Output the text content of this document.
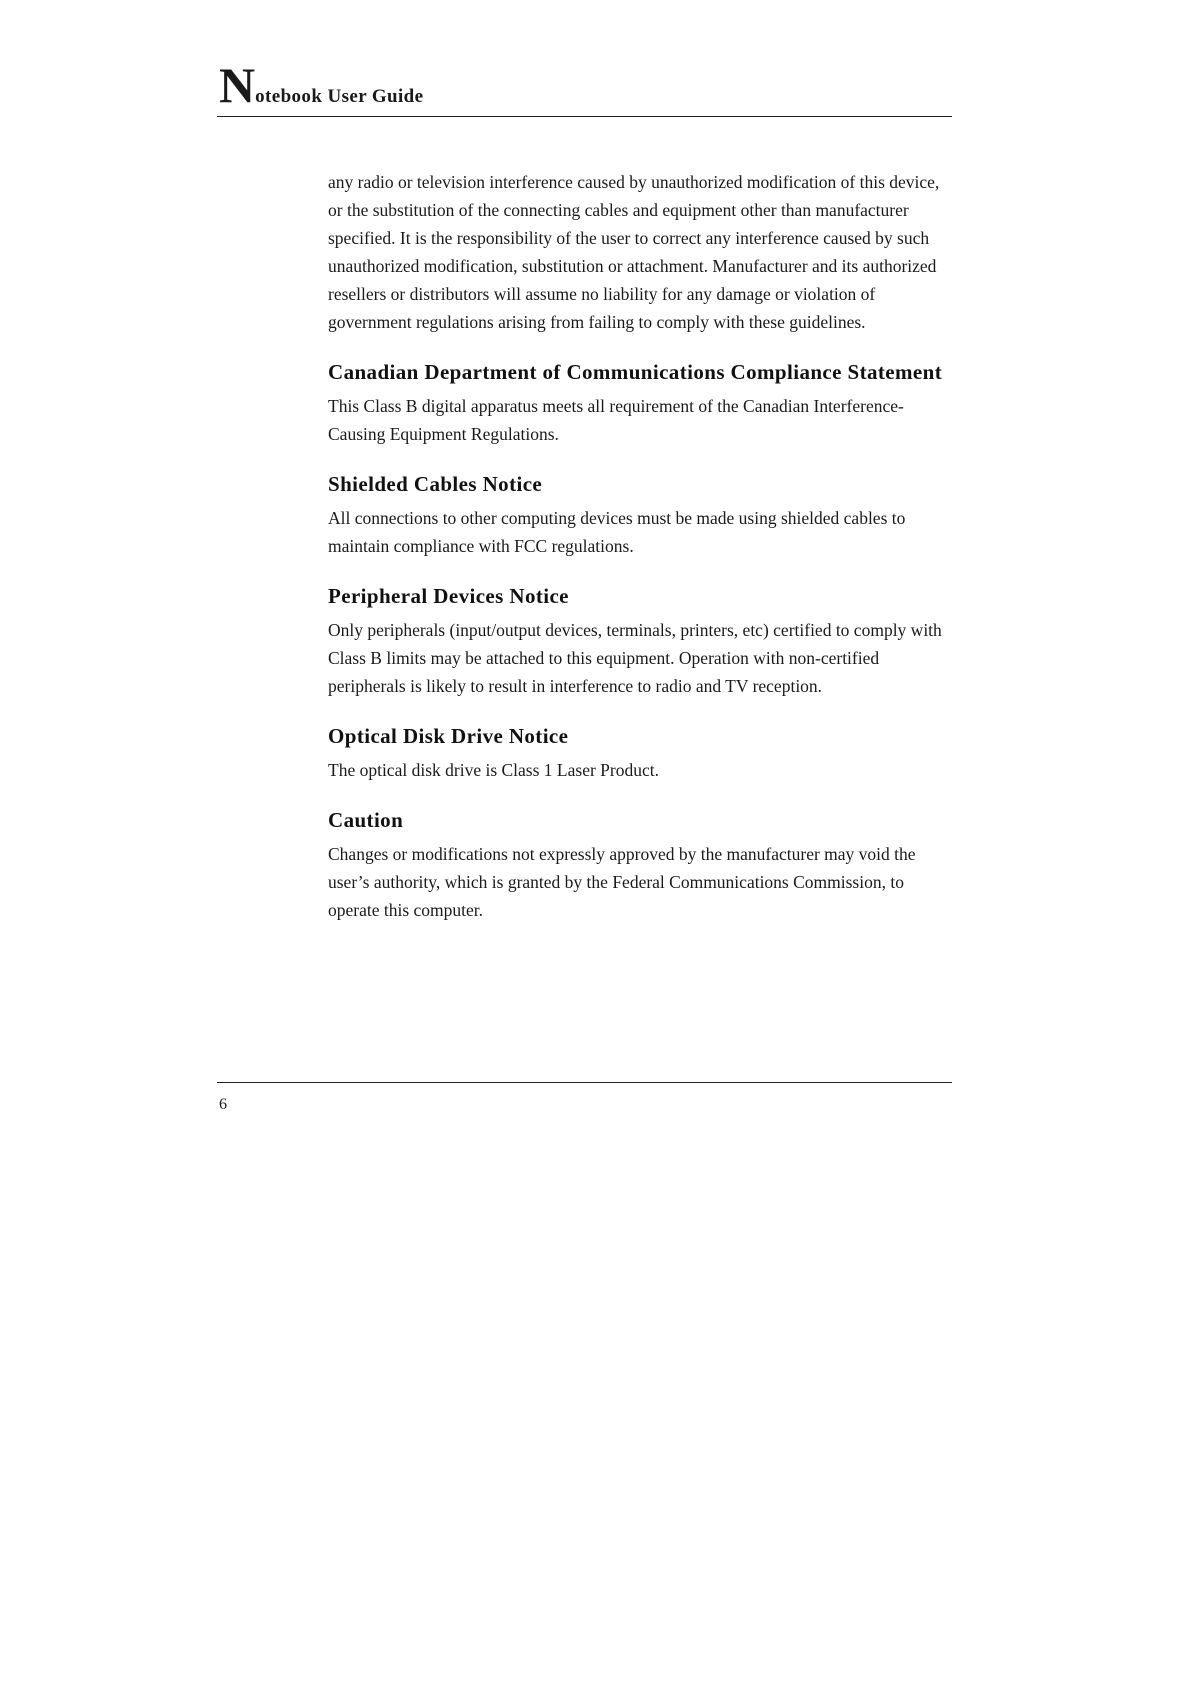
Notebook User Guide

any radio or television interference caused by unauthorized modification of this device, or the substitution of the connecting cables and equipment other than manufacturer specified. It is the responsibility of the user to correct any interference caused by such unauthorized modification, substitution or attachment. Manufacturer and its authorized resellers or distributors will assume no liability for any damage or violation of government regulations arising from failing to comply with these guidelines.

Canadian Department of Communications Compliance Statement

This Class B digital apparatus meets all requirement of the Canadian Interference-Causing Equipment Regulations.

Shielded Cables Notice

All connections to other computing devices must be made using shielded cables to maintain compliance with FCC regulations.

Peripheral Devices Notice

Only peripherals (input/output devices, terminals, printers, etc) certified to comply with Class B limits may be attached to this equipment. Operation with non-certified peripherals is likely to result in interference to radio and TV reception.

Optical Disk Drive Notice

The optical disk drive is Class 1 Laser Product.

Caution

Changes or modifications not expressly approved by the manufacturer may void the user’s authority, which is granted by the Federal Communications Commission, to operate this computer.

6
